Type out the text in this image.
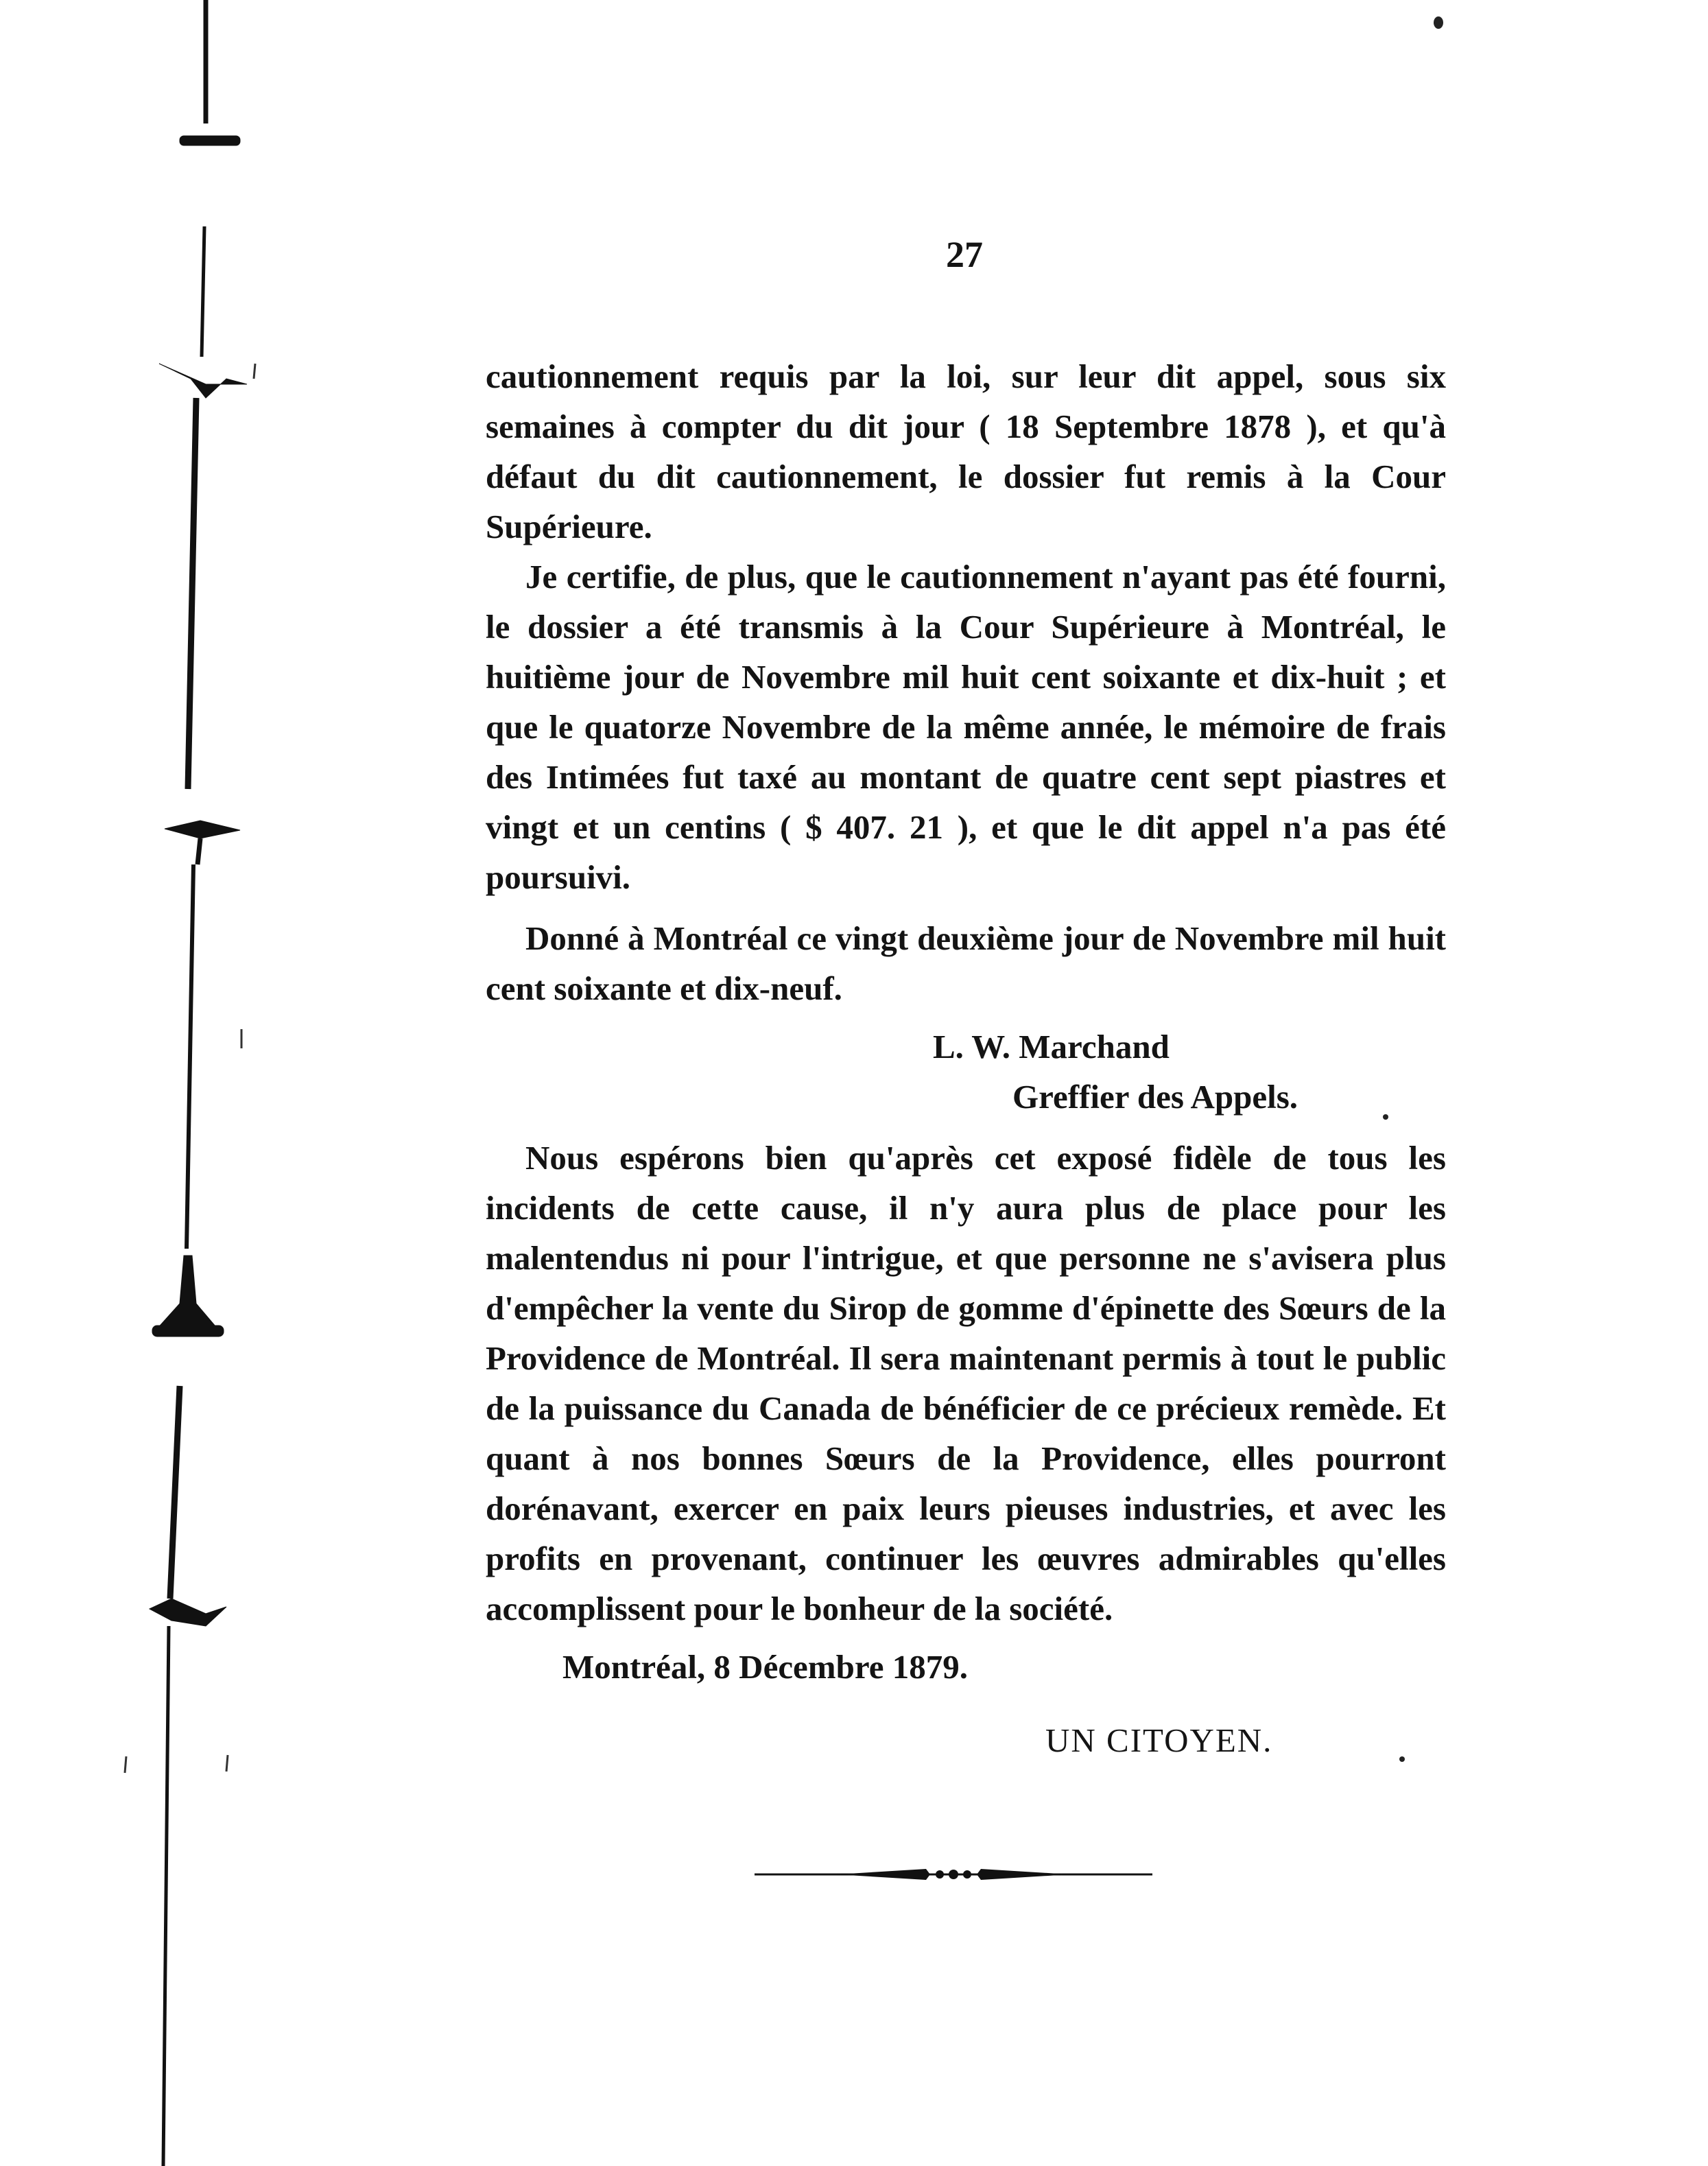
27

cautionnement requis par la loi, sur leur dit appel, sous six semaines à compter du dit jour ( 18 Septembre 1878 ), et qu'à défaut du dit cautionnement, le dossier fut remis à la Cour Supérieure.

Je certifie, de plus, que le cautionnement n'ayant pas été fourni, le dossier a été transmis à la Cour Supérieure à Montréal, le huitième jour de Novembre mil huit cent soixante et dix-huit ; et que le quatorze Novembre de la même année, le mémoire de frais des Intimées fut taxé au montant de quatre cent sept piastres et vingt et un centins ( $ 407. 21 ), et que le dit appel n'a pas été poursuivi.

Donné à Montréal ce vingt deuxième jour de Novembre mil huit cent soixante et dix-neuf.

L. W. Marchand

Greffier des Appels.

Nous espérons bien qu'après cet exposé fidèle de tous les incidents de cette cause, il n'y aura plus de place pour les malentendus ni pour l'intrigue, et que personne ne s'avisera plus d'empêcher la vente du Sirop de gomme d'épinette des Sœurs de la Providence de Montréal. Il sera maintenant permis à tout le public de la puissance du Canada de bénéficier de ce précieux remède. Et quant à nos bonnes Sœurs de la Providence, elles pourront dorénavant, exercer en paix leurs pieuses industries, et avec les profits en provenant, continuer les œuvres admirables qu'elles accomplissent pour le bonheur de la société.

Montréal, 8 Décembre 1879.

UN CITOYEN.
